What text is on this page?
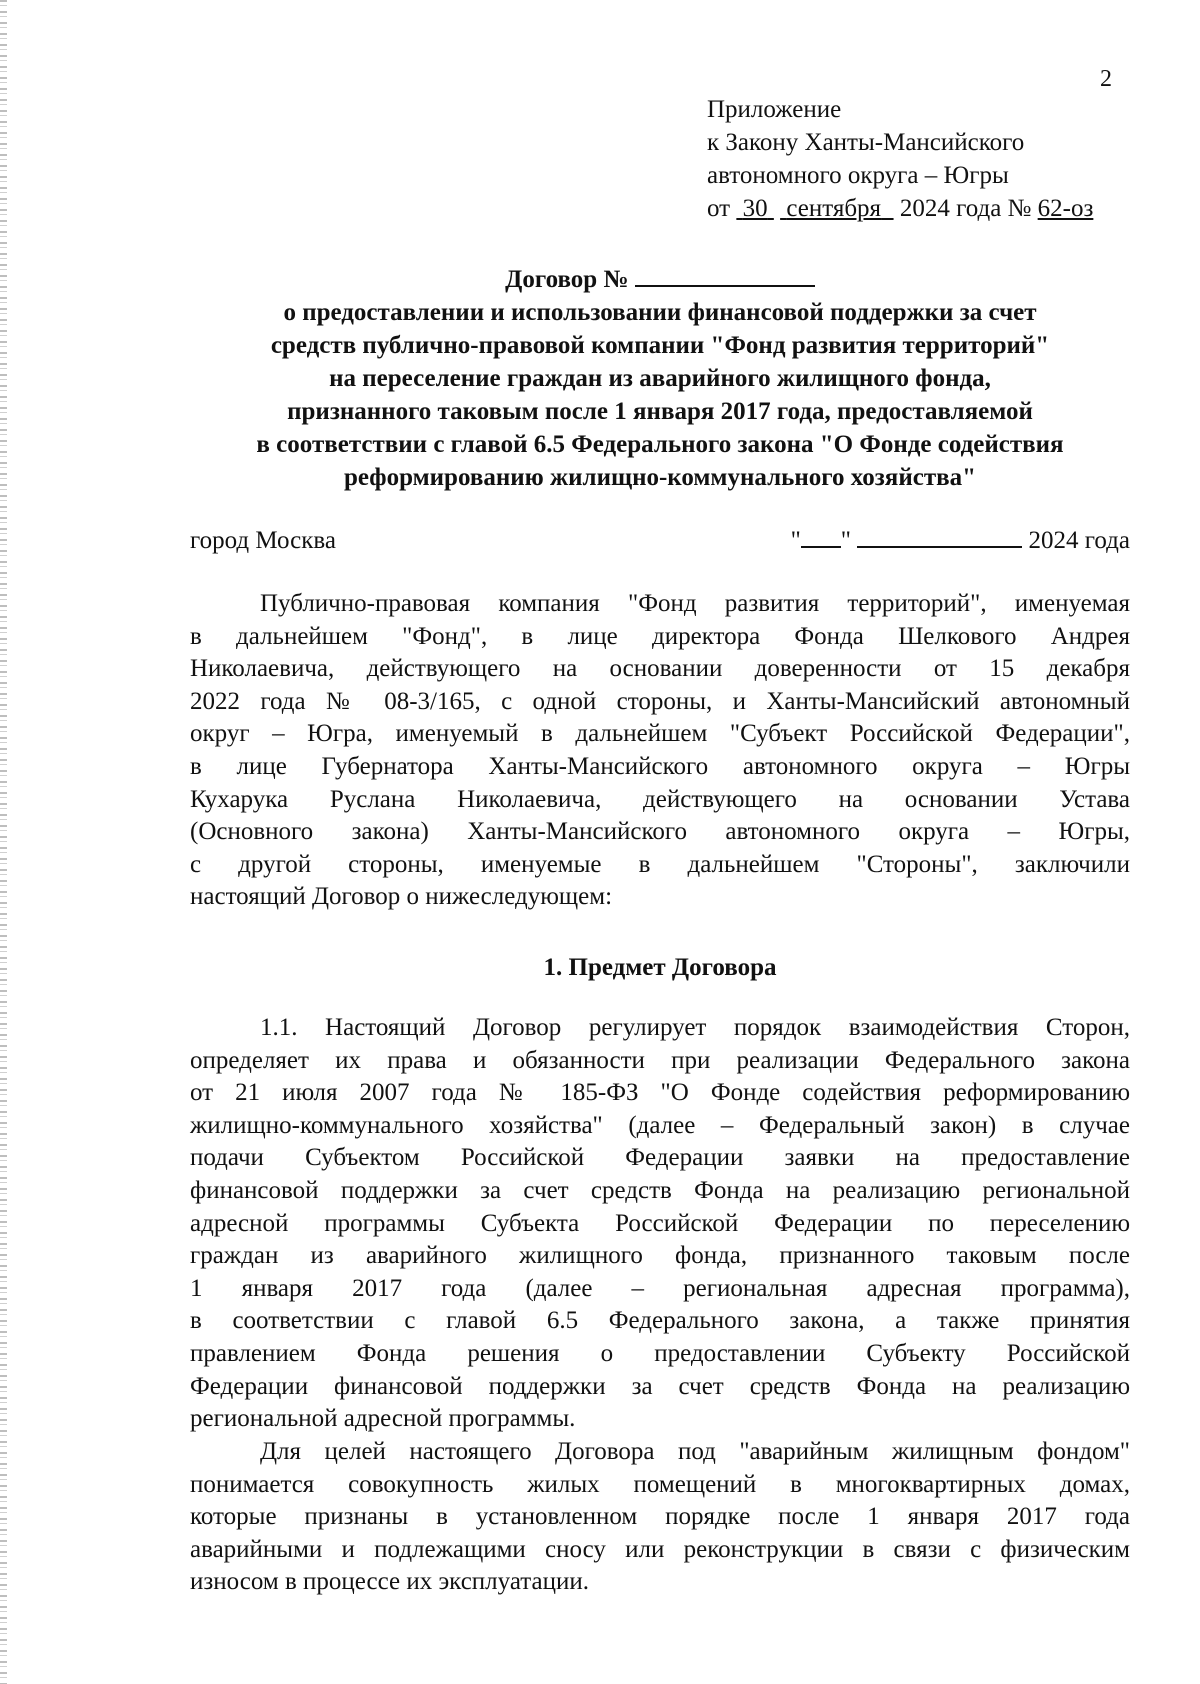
2
Приложение
к Закону Ханты-Мансийского
автономного округа – Югры
от 30 сентября 2024 года № 62-оз
Договор №
о предоставлении и использовании финансовой поддержки за счет
средств публично-правовой компании "Фонд развития территорий"
на переселение граждан из аварийного жилищного фонда,
признанного таковым после 1 января 2017 года, предоставляемой
в соответствии с главой 6.5 Федерального закона "О Фонде содействия
реформированию жилищно-коммунального хозяйства"
город Москва	" "	2024 года
Публично-правовая компания "Фонд развития территорий", именуемая
в дальнейшем "Фонд", в лице директора Фонда Шелкового Андрея
Николаевича, действующего на основании доверенности от 15 декабря
2022 года № 08-3/165, с одной стороны, и Ханты-Мансийский автономный
округ – Югра, именуемый в дальнейшем "Субъект Российской Федерации",
в лице Губернатора Ханты-Мансийского автономного округа – Югры
Кухарука Руслана Николаевича, действующего на основании Устава
(Основного закона) Ханты-Мансийского автономного округа – Югры,
с другой стороны, именуемые в дальнейшем "Стороны", заключили
настоящий Договор о нижеследующем:
1. Предмет Договора
1.1. Настоящий Договор регулирует порядок взаимодействия Сторон,
определяет их права и обязанности при реализации Федерального закона
от 21 июля 2007 года № 185-ФЗ "О Фонде содействия реформированию
жилищно-коммунального хозяйства" (далее – Федеральный закон) в случае
подачи Субъектом Российской Федерации заявки на предоставление
финансовой поддержки за счет средств Фонда на реализацию региональной
адресной программы Субъекта Российской Федерации по переселению
граждан из аварийного жилищного фонда, признанного таковым после
1 января 2017 года (далее – региональная адресная программа),
в соответствии с главой 6.5 Федерального закона, а также принятия
правлением Фонда решения о предоставлении Субъекту Российской
Федерации финансовой поддержки за счет средств Фонда на реализацию
региональной адресной программы.
Для целей настоящего Договора под "аварийным жилищным фондом"
понимается совокупность жилых помещений в многоквартирных домах,
которые признаны в установленном порядке после 1 января 2017 года
аварийными и подлежащими сносу или реконструкции в связи с физическим
износом в процессе их эксплуатации.
